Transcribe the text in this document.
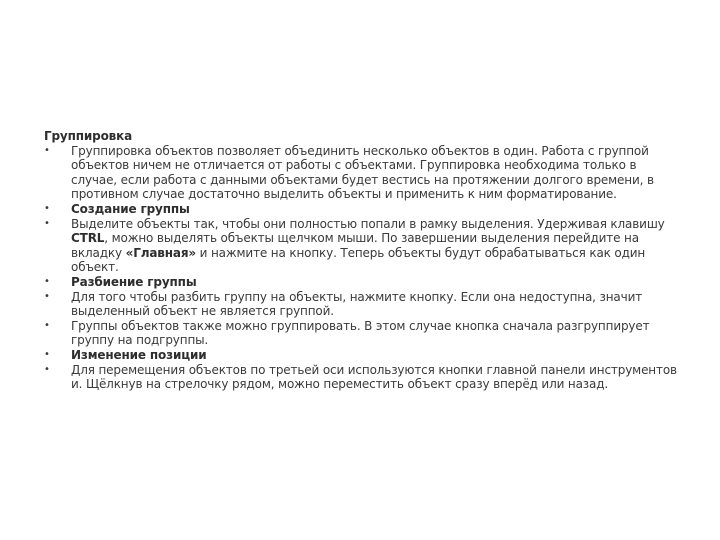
Группировка

•	Группировка объектов позволяет объединить несколько объектов в один. Работа с группой объектов ничем не отличается от работы с объектами. Группировка необходима только в случае, если работа с данными объектами будет вестись на протяжении долгого времени, в противном случае достаточно выделить объекты и применить к ним форматирование.
•	Создание группы
•	Выделите объекты так, чтобы они полностью попали в рамку выделения. Удерживая клавишу CTRL, можно выделять объекты щелчком мыши. По завершении выделения перейдите на вкладку «Главная» и нажмите на кнопку. Теперь объекты будут обрабатываться как один объект.
•	Разбиение группы
•	Для того чтобы разбить группу на объекты, нажмите кнопку. Если она недоступна, значит выделенный объект не является группой.
•	Группы объектов также можно группировать. В этом случае кнопка сначала разгруппирует группу на подгруппы.
•	Изменение позиции
•	Для перемещения объектов по третьей оси используются кнопки главной панели инструментов и. Щёлкнув на стрелочку рядом, можно переместить объект сразу вперёд или назад.
